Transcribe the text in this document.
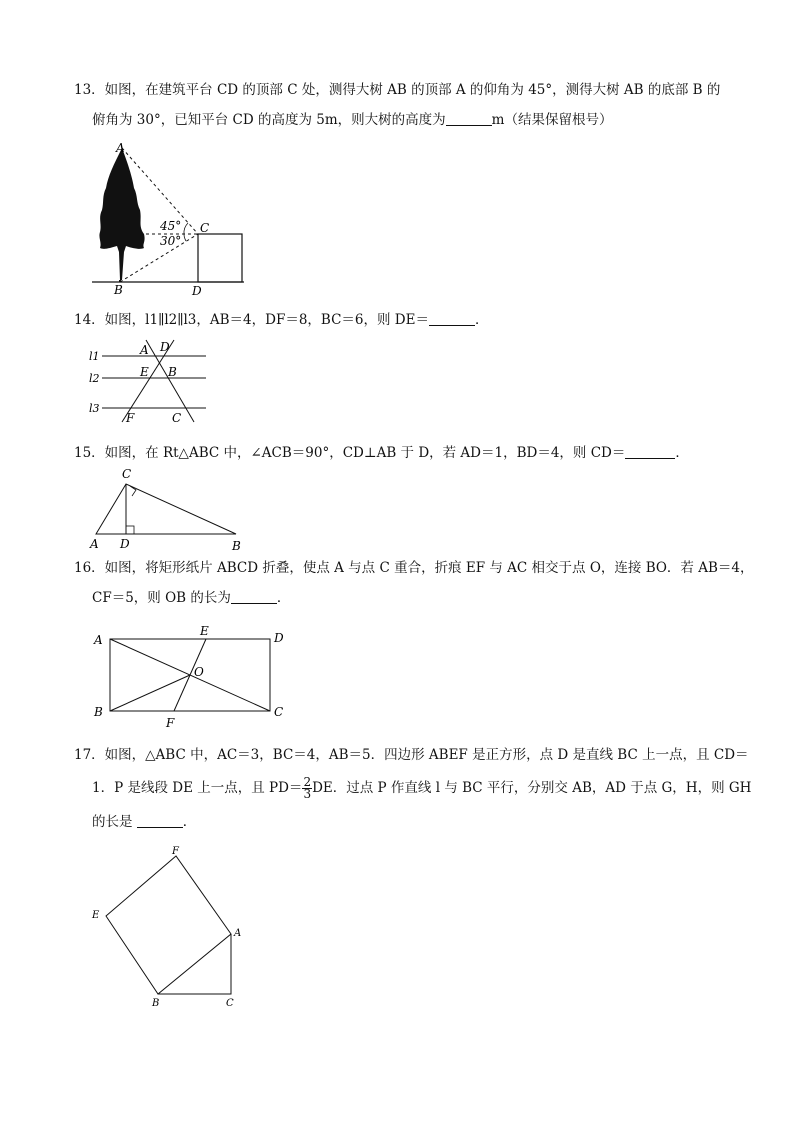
13．如图，在建筑平台 CD 的顶部 C 处，测得大树 AB 的顶部 A 的仰角为 45°，测得大树 AB 的底部 B 的
俯角为 30°，已知平台 CD 的高度为 5m，则大树的高度为	m（结果保留根号）
A
B
C
D
45°
30°
14．如图，l1∥l2∥l3，AB＝4，DF＝8，BC＝6，则 DE＝	．
l1
l2
l3
A D
E B
F	C
15．如图，在 Rt△ABC 中，∠ACB＝90°，CD⊥AB 于 D，若 AD＝1，BD＝4，则 CD＝	．
A D
C
B
16．如图，将矩形纸片 ABCD 折叠，使点 A 与点 C 重合，折痕 EF 与 AC 相交于点 O，连接 BO．若 AB＝4，
CF＝5，则 OB 的长为	．
A
B	C
D
E
F
O
17．如图，△ABC 中，AC＝3，BC＝4，AB＝5．四边形 ABEF 是正方形，点 D 是直线 BC 上一点，且 CD＝
1．P 是线段 DE 上一点，且 $PD= \frac{2}{3}$ DE．过点 P 作直线 l 与 BC 平行，分别交 AB，AD 于点 G，H，则 GH
的长是	．
F
E
A
B	C
